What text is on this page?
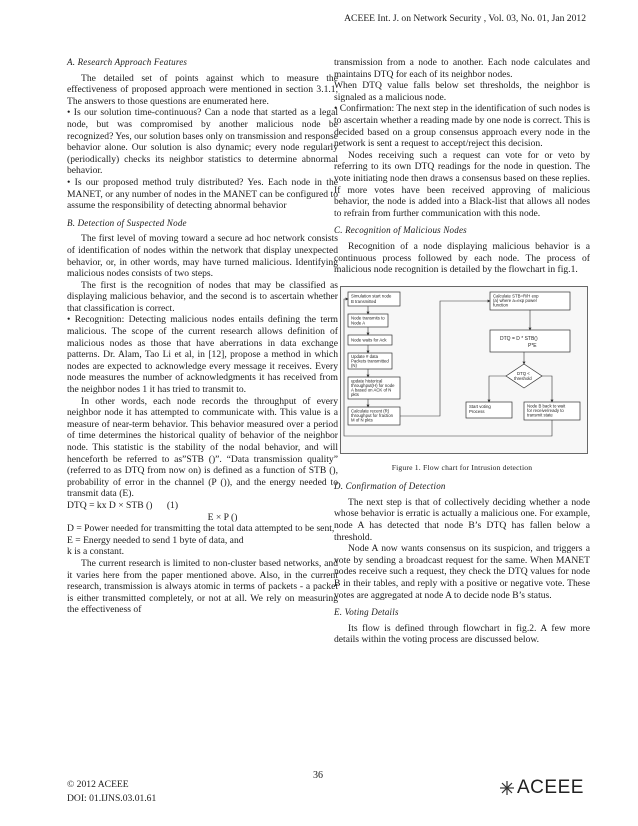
ACEEE Int. J. on Network Security , Vol. 03, No. 01, Jan 2012
A. Research Approach Features

The detailed set of points against which to measure the effectiveness of proposed approach were mentioned in section 3.1.1, The answers to those questions are enumerated here.

• Is our solution time-continuous? Can a node that started as a legal node, but was compromised by another malicious node be recognized? Yes, our solution bases only on transmission and response behavior alone. Our solution is also dynamic; every node regularly (periodically) checks its neighbor statistics to determine abnormal behavior.

• Is our proposed method truly distributed? Yes. Each node in the MANET, or any number of nodes in the MANET can be configured to assume the responsibility of detecting abnormal behavior

B. Detection of Suspected Node

The first level of moving toward a secure ad hoc network consists of identification of nodes within the network that display unexpected behavior, or, in other words, may have turned malicious. Identifying malicious nodes consists of two steps.

The first is the recognition of nodes that may be classified as displaying malicious behavior, and the second is to ascertain whether that classification is correct.

• Recognition: Detecting malicious nodes entails defining the term malicious. The scope of the current research allows definition of malicious nodes as those that have aberrations in data exchange patterns. Dr. Alam, Tao Li et al, in [12], propose a method in which nodes are expected to acknowledge every message it receives. Every node measures the number of acknowledgments it has received from the neighbor nodes 1 it has tried to transmit to.

In other words, each node records the throughput of every neighbor node it has attempted to communicate with. This value is a measure of near-term behavior. This behavior measured over a period of time determines the historical quality of behavior of the neighbor node. This statistic is the stability of the nodal behavior, and will henceforth be referred to as”STB ()”. “Data transmission quality” (referred to as DTQ from now on) is defined as a function of STB (), probability of error in the channel (P ()), and the energy needed to transmit data (E).

DTQ = kx D × STB ()      (1)

E × P ()

D = Power needed for transmitting the total data attempted to be sent,

E = Energy needed to send 1 byte of data, and

k is a constant.

The current research is limited to non-cluster based networks, and it varies here from the paper mentioned above. Also, in the current research, transmission is always atomic in terms of packets - a packet is either transmitted completely, or not at all. We rely on measuring the effectiveness of

transmission from a node to another. Each node calculates and maintains DTQ for each of its neighbor nodes.

When DTQ value falls below set thresholds, the neighbor is signaled as a malicious node.

• Confirmation: The next step in the identification of such nodes is to ascertain whether a reading made by one node is correct. This is decided based on a group consensus approach every node in the network is sent a request to accept/reject this decision.

Nodes receiving such a request can vote for or veto by referring to its own DTQ readings for the node in question. The vote initiating node then draws a consensus based on these replies. If more votes have been received approving of malicious behavior, the node is added into a Black-list that allows all nodes to refrain from further communication with this node.

C. Recognition of Malicious Nodes

Recognition of a node displaying malicious behavior is a continuous process followed by each node. The process of malicious node recognition is detailed by the flowchart in fig.1.

Simulation start node
B transmitted
Node transmits to
Node A
Node waits for Ack
Update # data
Packets transmitted
(N)
update historical
throughput(H) for node
A based on ACK of N
pkts
Calculate recent (R)
throughput for fraction
M of N pkts
Calculate STB=R/H exp
(a) where a=exp power
function
DTQ = D * STB()
P*E
DTQ <
threshold
Start voting
Process
Node B back to wait
for receive/ready to
transmit state
Figure 1. Flow chart for Intrusion detection
D. Confirmation of Detection

The next step is that of collectively deciding whether a node whose behavior is erratic is actually a malicious one. For example, node A has detected that node B’s DTQ has fallen below a threshold.

Node A now wants consensus on its suspicion, and triggers a vote by sending a broadcast request for the same. When MANET nodes receive such a request, they check the DTQ values for node B in their tables, and reply with a positive or negative vote. These votes are aggregated at node A to decide node B’s status.

E. Voting Details

Its flow is defined through flowchart in fig.2. A few more details within the voting process are discussed below.

© 2012 ACEEE
DOI: 01.IJNS.03.01.61
36
ACEEE
